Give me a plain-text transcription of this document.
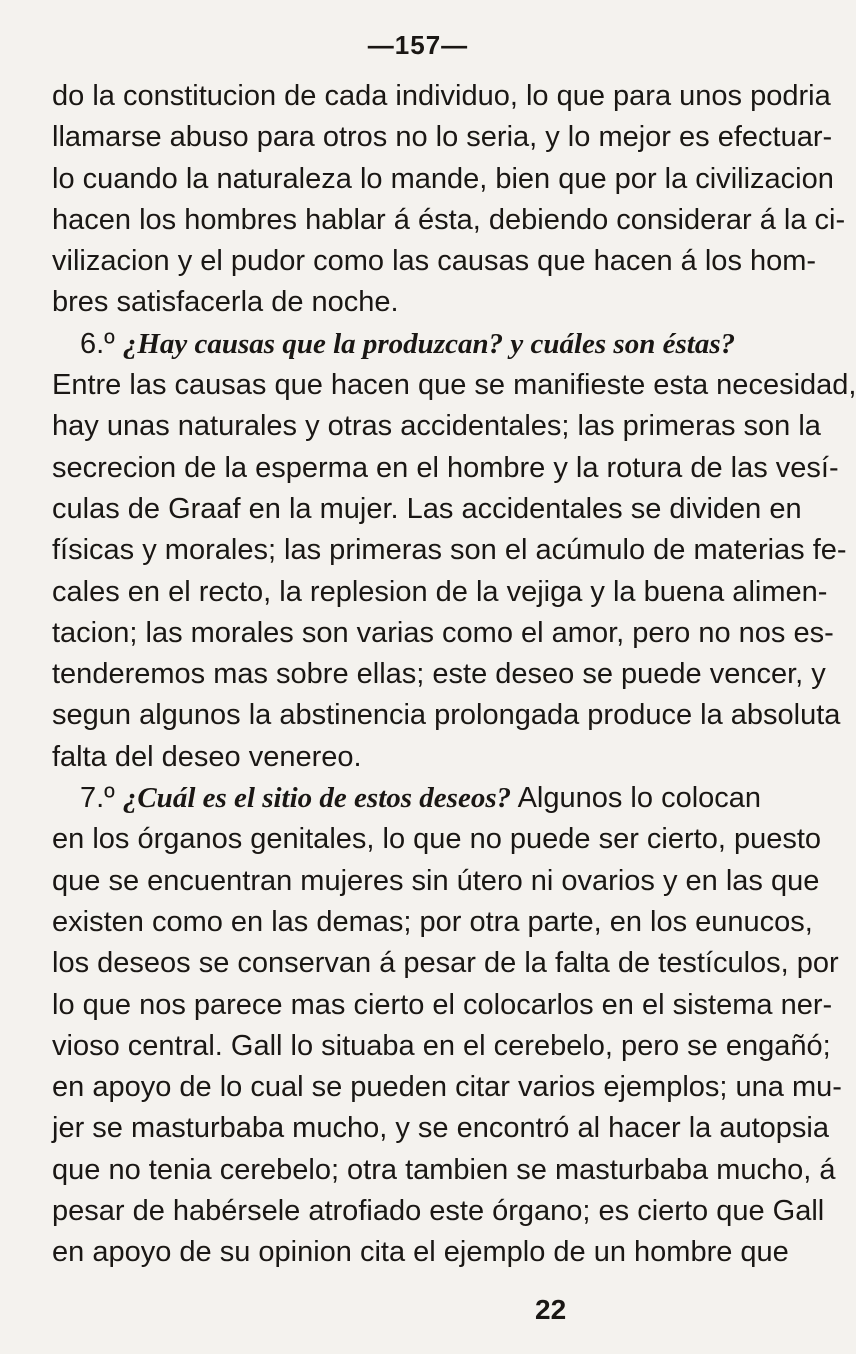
—157—
do la constitucion de cada individuo, lo que para unos podria
llamarse abuso para otros no lo seria, y lo mejor es efectuar-
lo cuando la naturaleza lo mande, bien que por la civilizacion
hacen los hombres hablar á ésta, debiendo considerar á la ci-
vilizacion y el pudor como las causas que hacen á los hom-
bres satisfacerla de noche.
6.º ¿Hay causas que la produzcan? y cuáles son éstas?
Entre las causas que hacen que se manifieste esta necesidad,
hay unas naturales y otras accidentales; las primeras son la
secrecion de la esperma en el hombre y la rotura de las vesí-
culas de Graaf en la mujer. Las accidentales se dividen en
físicas y morales; las primeras son el acúmulo de materias fe-
cales en el recto, la replesion de la vejiga y la buena alimen-
tacion; las morales son varias como el amor, pero no nos es-
tenderemos mas sobre ellas; este deseo se puede vencer, y
segun algunos la abstinencia prolongada produce la absoluta
falta del deseo venereo.
7.º ¿Cuál es el sitio de estos deseos? Algunos lo colocan
en los órganos genitales, lo que no puede ser cierto, puesto
que se encuentran mujeres sin útero ni ovarios y en las que
existen como en las demas; por otra parte, en los eunucos,
los deseos se conservan á pesar de la falta de testículos, por
lo que nos parece mas cierto el colocarlos en el sistema ner-
vioso central. Gall lo situaba en el cerebelo, pero se engañó;
en apoyo de lo cual se pueden citar varios ejemplos; una mu-
jer se masturbaba mucho, y se encontró al hacer la autopsia
que no tenia cerebelo; otra tambien se masturbaba mucho, á
pesar de habérsele atrofiado este órgano; es cierto que Gall
en apoyo de su opinion cita el ejemplo de un hombre que
22
